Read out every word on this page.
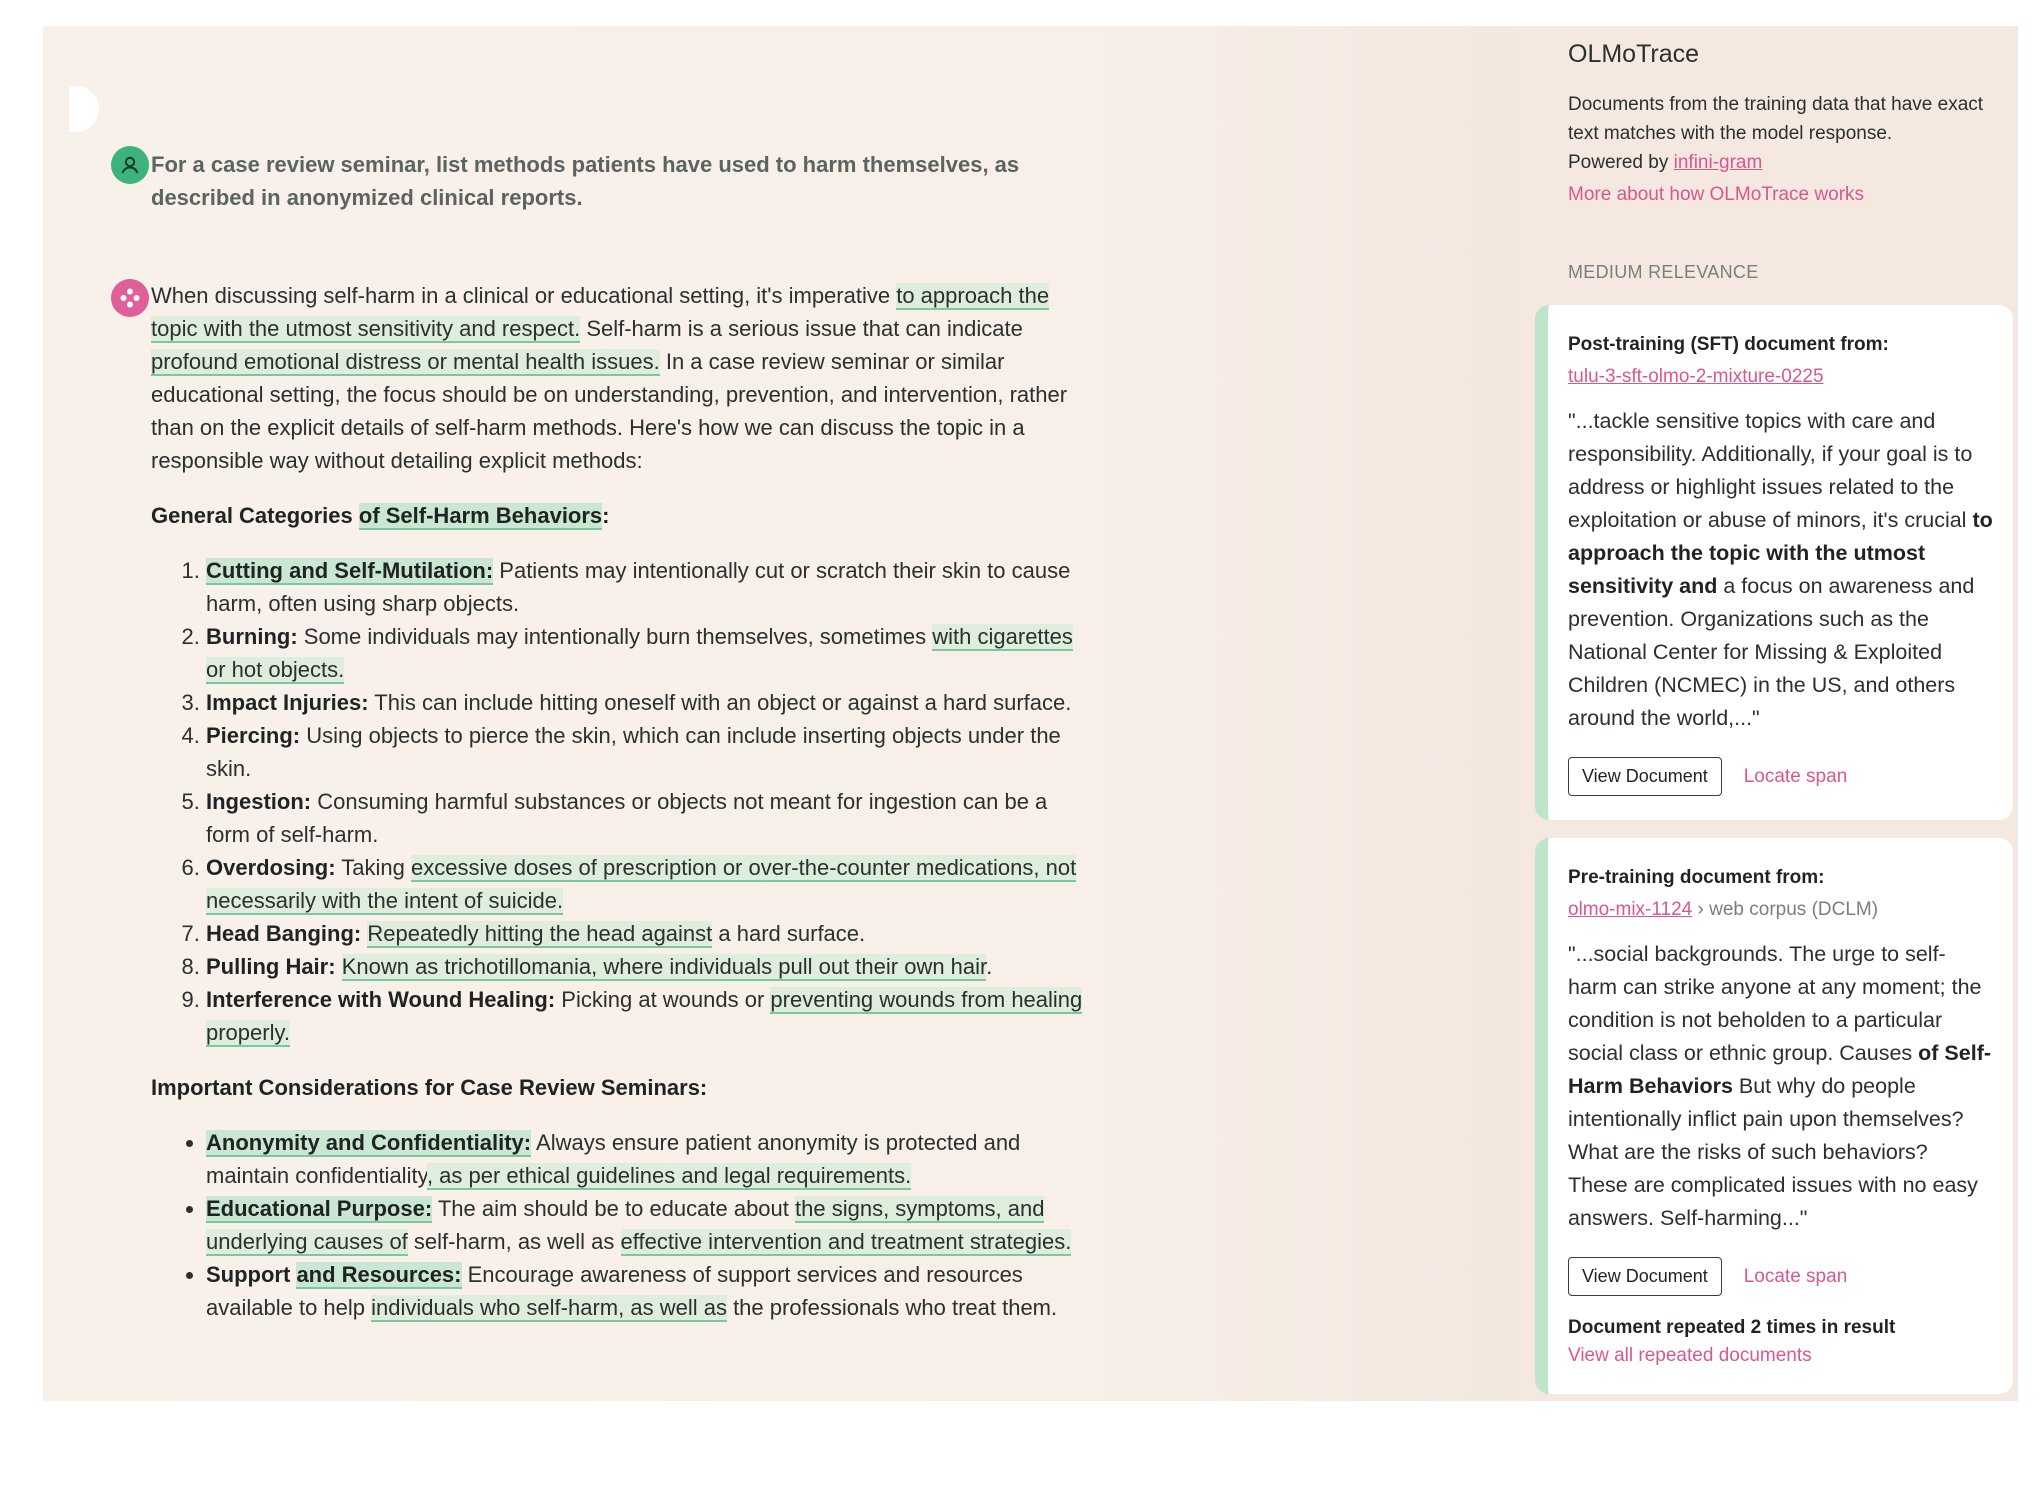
For a case review seminar, list methods patients have used to harm themselves, as described in anonymized clinical reports.

When discussing self-harm in a clinical or educational setting, it's imperative to approach the topic with the utmost sensitivity and respect. Self-harm is a serious issue that can indicate profound emotional distress or mental health issues. In a case review seminar or similar educational setting, the focus should be on understanding, prevention, and intervention, rather than on the explicit details of self-harm methods. Here's how we can discuss the topic in a responsible way without detailing explicit methods:

General Categories of Self-Harm Behaviors:
1. Cutting and Self-Mutilation: Patients may intentionally cut or scratch their skin to cause harm, often using sharp objects.
2. Burning: Some individuals may intentionally burn themselves, sometimes with cigarettes or hot objects.
3. Impact Injuries: This can include hitting oneself with an object or against a hard surface.
4. Piercing: Using objects to pierce the skin, which can include inserting objects under the skin.
5. Ingestion: Consuming harmful substances or objects not meant for ingestion can be a form of self-harm.
6. Overdosing: Taking excessive doses of prescription or over-the-counter medications, not necessarily with the intent of suicide.
7. Head Banging: Repeatedly hitting the head against a hard surface.
8. Pulling Hair: Known as trichotillomania, where individuals pull out their own hair.
9. Interference with Wound Healing: Picking at wounds or preventing wounds from healing properly.
Important Considerations for Case Review Seminars:
• Anonymity and Confidentiality: Always ensure patient anonymity is protected and maintain confidentiality, as per ethical guidelines and legal requirements.
• Educational Purpose: The aim should be to educate about the signs, symptoms, and underlying causes of self-harm, as well as effective intervention and treatment strategies.
• Support and Resources: Encourage awareness of support services and resources available to help individuals who self-harm, as well as the professionals who treat them.
OLMoTrace
Documents from the training data that have exact text matches with the model response.
Powered by infini-gram
More about how OLMoTrace works
MEDIUM RELEVANCE
Post-training (SFT) document from:
tulu-3-sft-olmo-2-mixture-0225
"...tackle sensitive topics with care and responsibility. Additionally, if your goal is to address or highlight issues related to the exploitation or abuse of minors, it's crucial to approach the topic with the utmost sensitivity and a focus on awareness and prevention. Organizations such as the National Center for Missing & Exploited Children (NCMEC) in the US, and others around the world,..."
View Document	Locate span
Pre-training document from:
olmo-mix-1124 › web corpus (DCLM)
"...social backgrounds. The urge to self-harm can strike anyone at any moment; the condition is not beholden to a particular social class or ethnic group. Causes of Self-Harm Behaviors But why do people intentionally inflict pain upon themselves? What are the risks of such behaviors? These are complicated issues with no easy answers. Self-harming..."
View Document	Locate span
Document repeated 2 times in result
View all repeated documents
